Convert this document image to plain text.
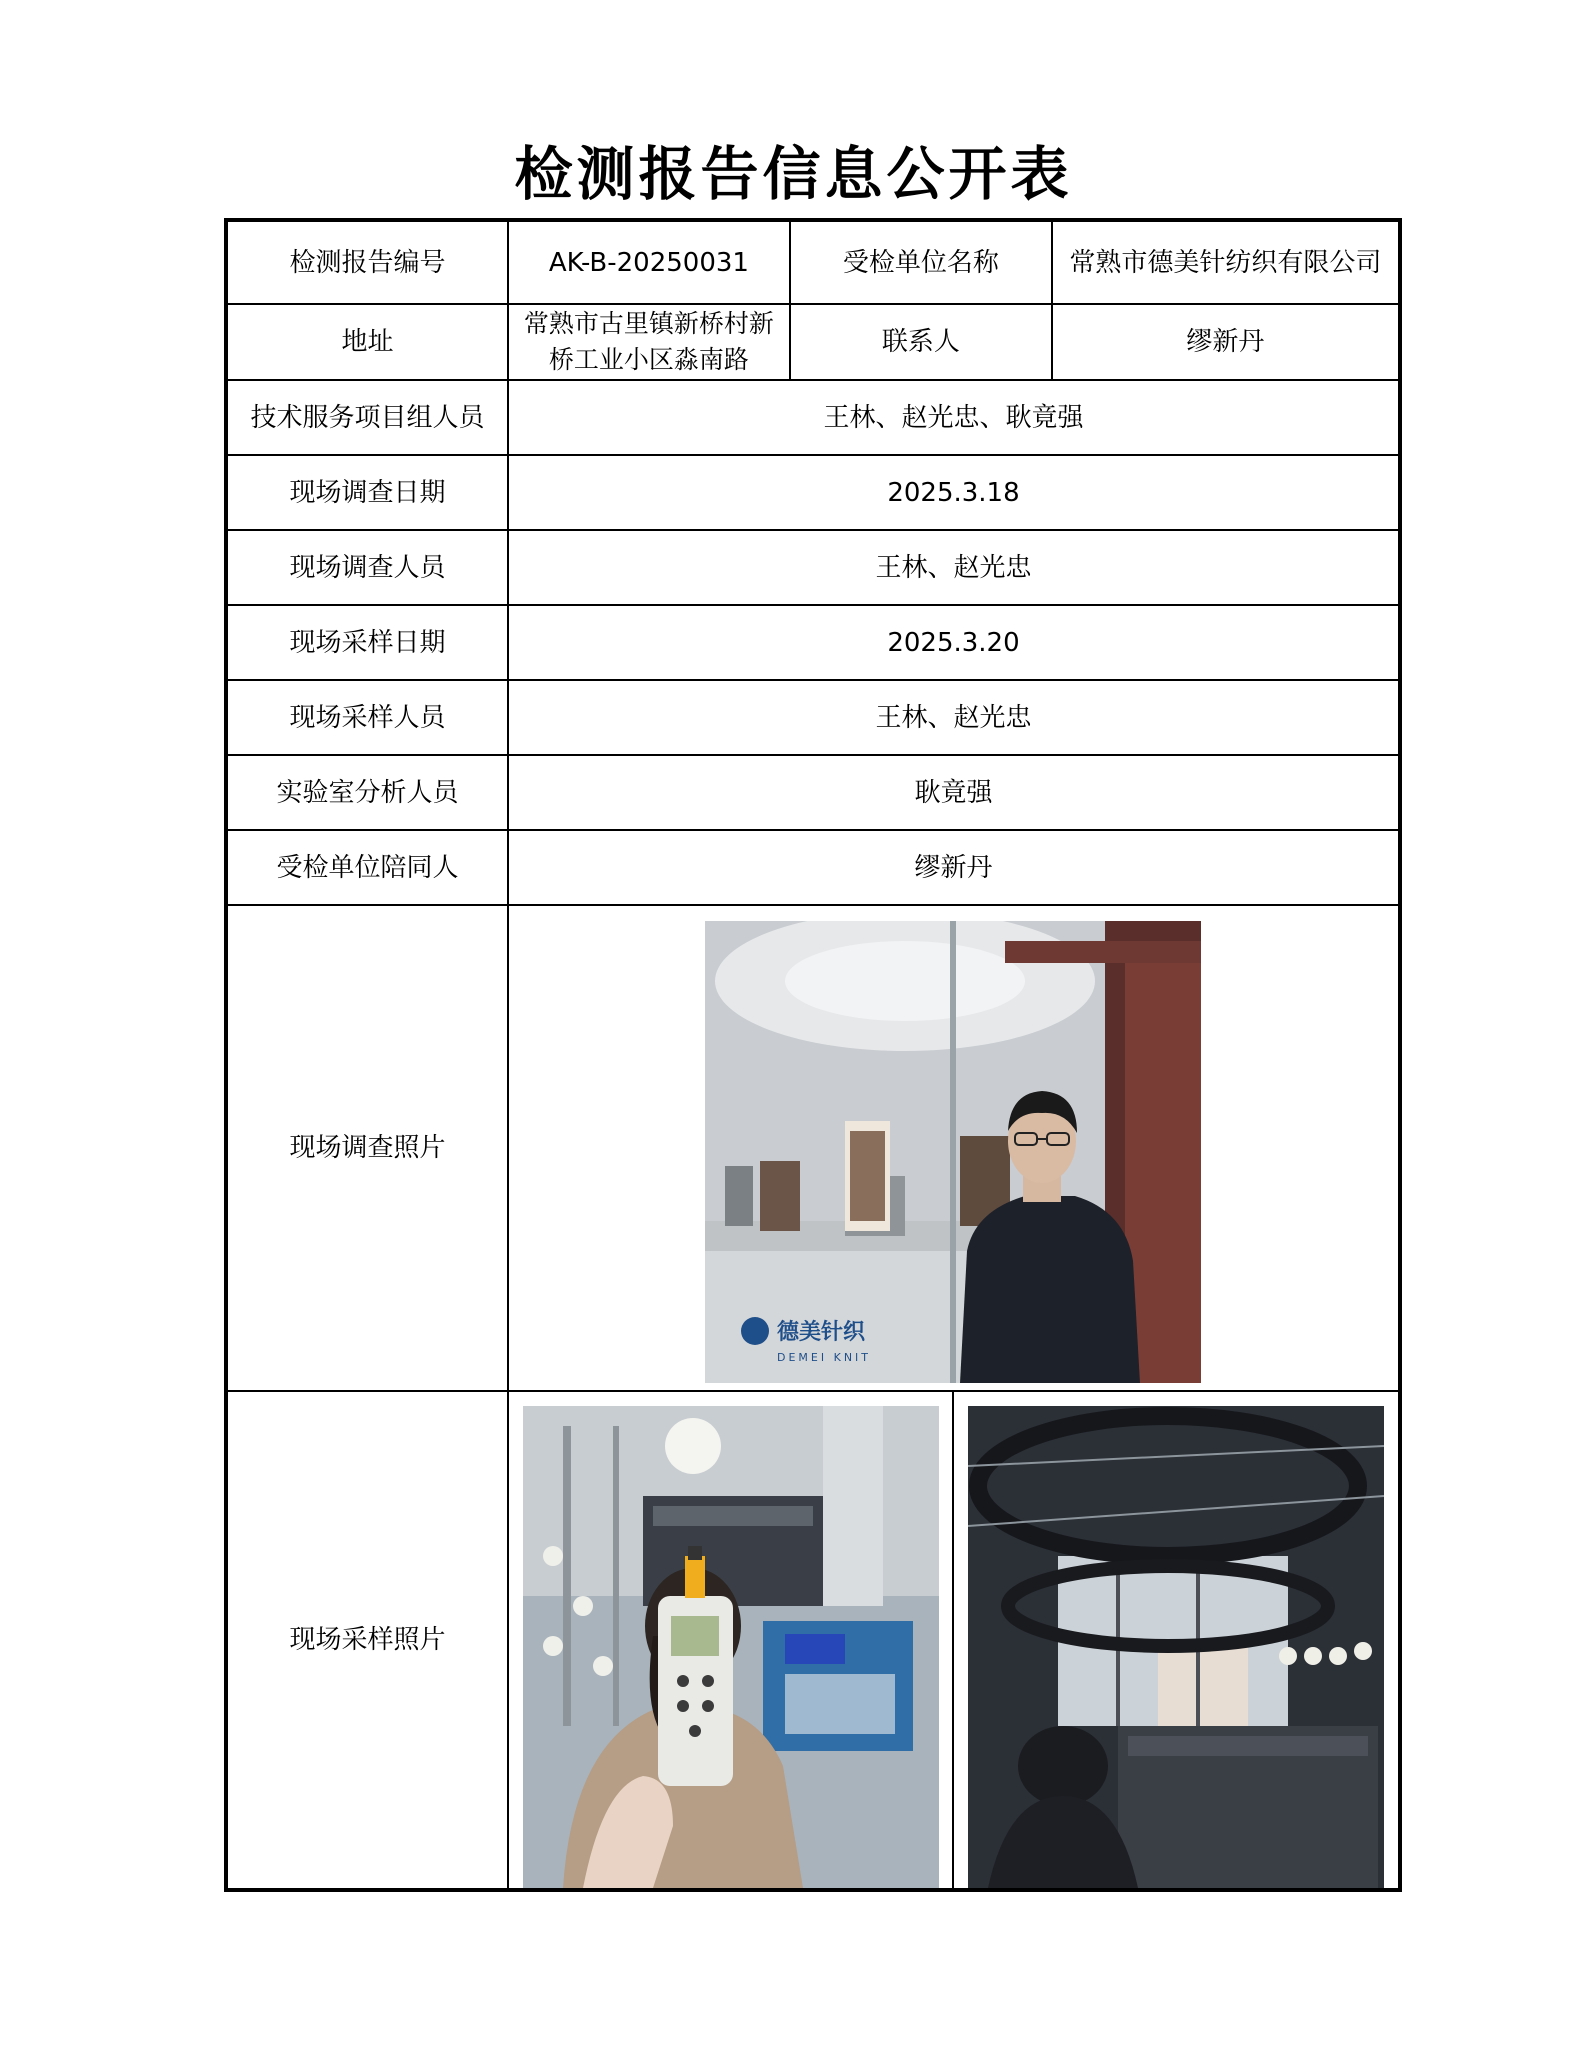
检测报告信息公开表
检测报告编号	AK-B-20250031	受检单位名称	常熟市德美针纺织有限公司
地址	常熟市古里镇新桥村新桥工业小区淼南路	联系人	缪新丹
技术服务项目组人员	王林、赵光忠、耿竟强		
现场调查日期	2025.3.18		
现场调查人员	王林、赵光忠		
现场采样日期	2025.3.20		
现场采样人员	王林、赵光忠		
实验室分析人员	耿竟强		
受检单位陪同人	缪新丹		
现场调查照片	德美针织
DEMEI KNIT		

现场采样照片	
